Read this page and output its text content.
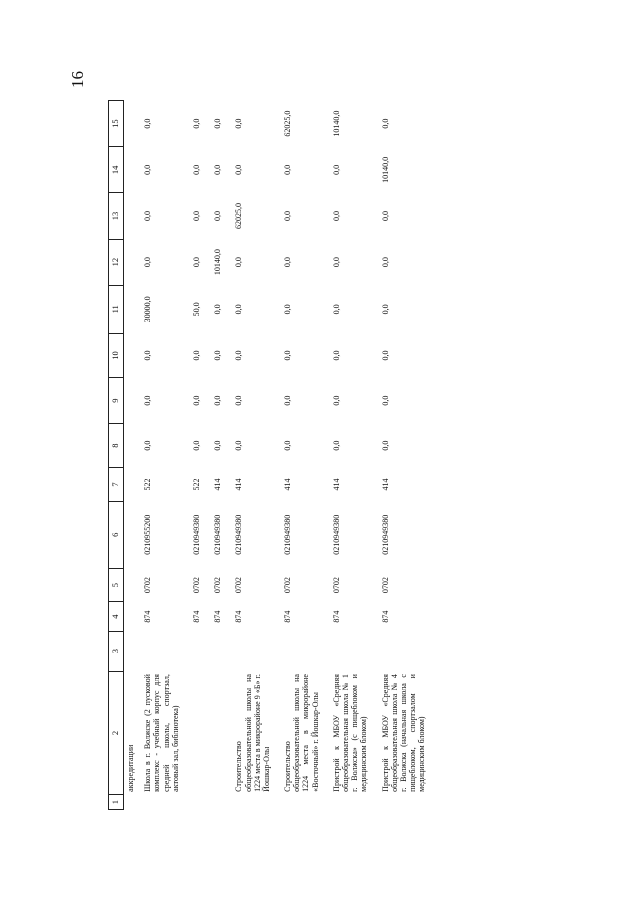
16
1	2	3	4	5	6	7	8	9	10	11	12	13	14	15
	аккредитации													
	Школа в г. Волжске (2 пусковой комплекс - учебный корпус для средней школы, спортзал, актовый зал, библиотека)		874	0702	0210955200	522	0,0	0,0	0,0	30000,0	0,0	0,0	0,0	0,0
			874	0702	0210949380	522	0,0	0,0	0,0	50,0	0,0	0,0	0,0	0,0
			874	0702	0210949380	414	0,0	0,0	0,0	0,0	10140,0	0,0	0,0	0,0
	Строительство общеобразовательной школы на 1224 места в микрорайоне 9 «Б» г. Йошкар-Олы		874	0702	0210949380	414	0,0	0,0	0,0	0,0	0,0	62025,0	0,0	0,0
	Строительство общеобразовательной школы на 1224 места в микрорайоне «Восточный» г. Йошкар-Олы		874	0702	0210949380	414	0,0	0,0	0,0	0,0	0,0	0,0	0,0	62025,0
	Пристрой к МБОУ «Средняя общеобразовательная школа № 1 г. Волжска» (с пищеблоком и медицинским блоком)		874	0702	0210949380	414	0,0	0,0	0,0	0,0	0,0	0,0	0,0	10140,0
	Пристрой к МБОУ «Средняя общеобразовательная школа № 4 г. Волжска (начальная школа с пищеблоком, спортзалом и медицинским блоком)		874	0702	0210949380	414	0,0	0,0	0,0	0,0	0,0	0,0	10140,0	0,0
